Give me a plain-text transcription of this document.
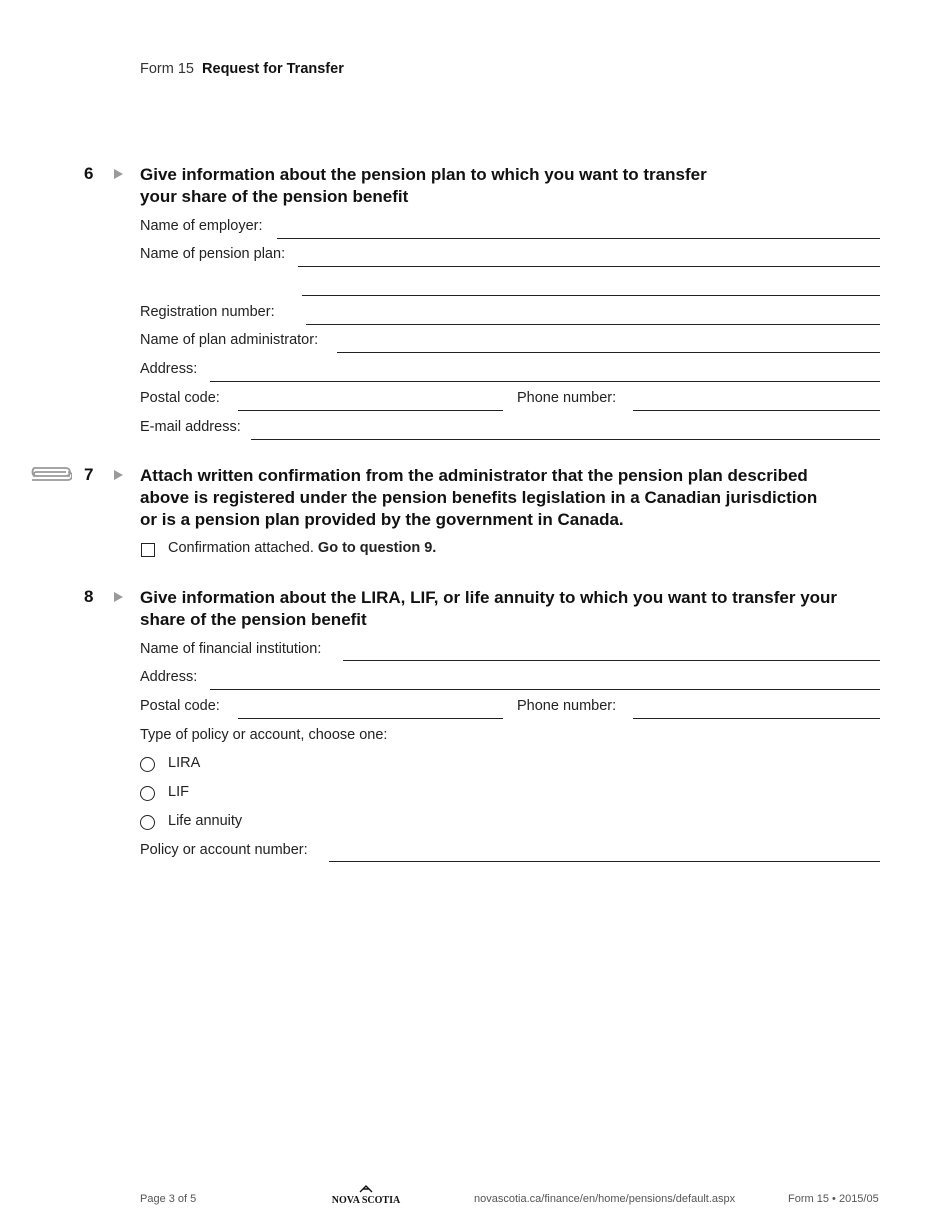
Form 15 Request for Transfer
6	Give information about the pension plan to which you want to transfer
your share of the pension benefit
Name of employer:
Name of pension plan:
Registration number:
Name of plan administrator:
Address:
Postal code:	Phone number:
E-mail address:
7	Attach written confirmation from the administrator that the pension plan described
above is registered under the pension benefits legislation in a Canadian jurisdiction
or is a pension plan provided by the government in Canada.
Confirmation attached. Go to question 9.
8	Give information about the LIRA, LIF, or life annuity to which you want to transfer your
share of the pension benefit
Name of financial institution:
Address:
Postal code:	Phone number:
Type of policy or account, choose one:
LIRA
LIF
Life annuity
Policy or account number:
Page 3 of 5	NOVA SCOTIA	novascotia.ca/finance/en/home/pensions/default.aspx	Form 15 • 2015/05
